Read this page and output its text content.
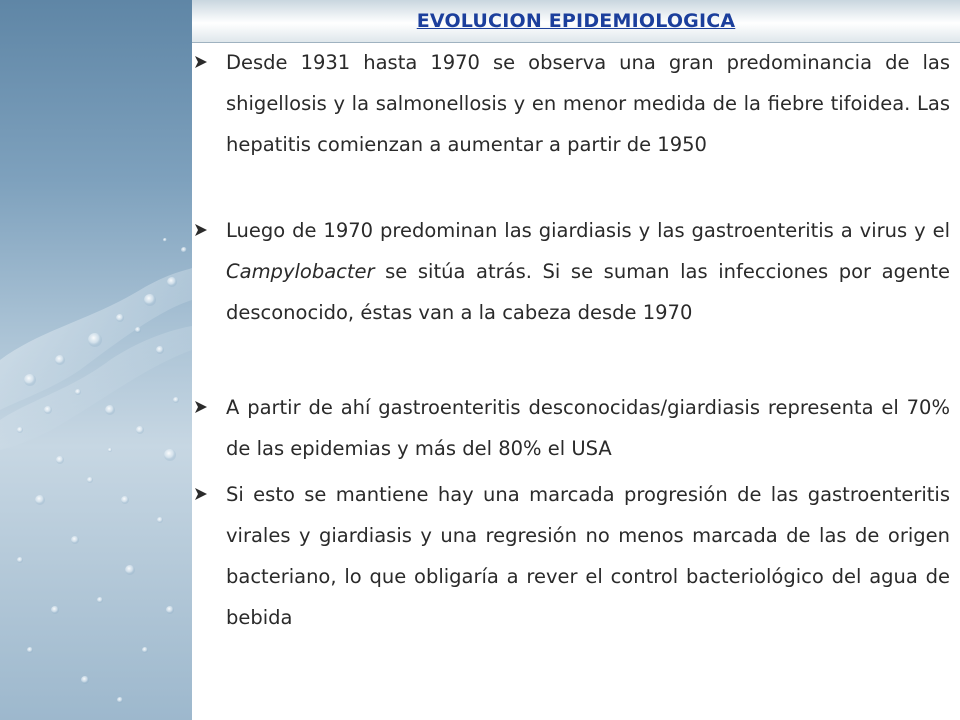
EVOLUCION EPIDEMIOLOGICA
Desde 1931 hasta 1970 se observa una gran predominancia de las shigellosis y la salmonellosis y en menor medida de la fiebre tifoidea. Las hepatitis comienzan a aumentar a partir de 1950
Luego de 1970 predominan las giardiasis y las gastroenteritis a virus y el Campylobacter se sitúa atrás. Si se suman las infecciones por agente desconocido, éstas van a la cabeza desde 1970
A partir de ahí gastroenteritis desconocidas/giardiasis representa el 70% de las epidemias y más del 80% el USA
Si esto se mantiene hay una marcada progresión de las gastroenteritis virales y giardiasis y una regresión no menos marcada de las de origen bacteriano, lo que obligaría a rever el control bacteriológico del agua de bebida
